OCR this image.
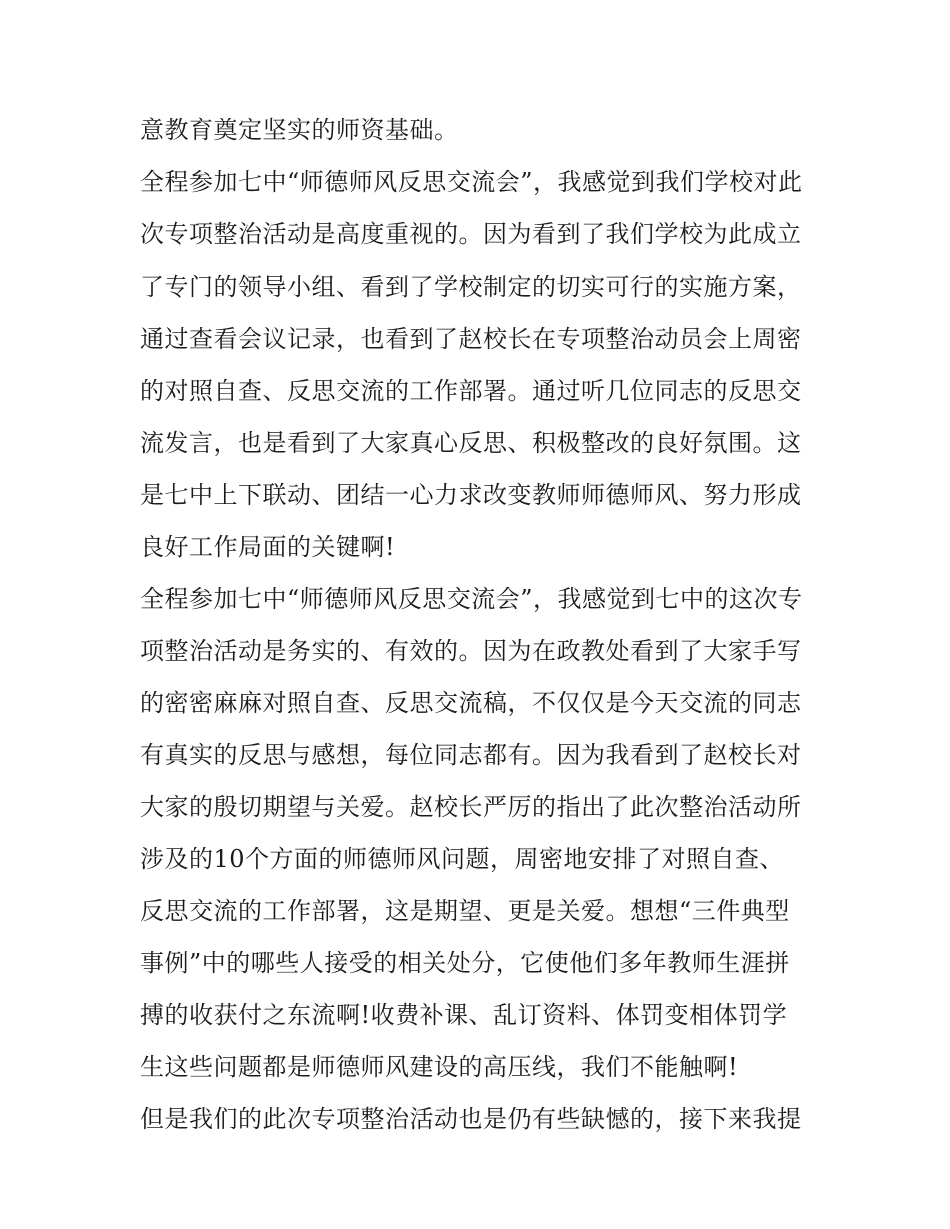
意教育奠定坚实的师资基础。
全程参加七中“师德师风反思交流会”，我感觉到我们学校对此
次专项整治活动是高度重视的。因为看到了我们学校为此成立
了专门的领导小组、看到了学校制定的切实可行的实施方案，
通过查看会议记录，也看到了赵校长在专项整治动员会上周密
的对照自查、反思交流的工作部署。通过听几位同志的反思交
流发言，也是看到了大家真心反思、积极整改的良好氛围。这
是七中上下联动、团结一心力求改变教师师德师风、努力形成
良好工作局面的关键啊!
全程参加七中“师德师风反思交流会”，我感觉到七中的这次专
项整治活动是务实的、有效的。因为在政教处看到了大家手写
的密密麻麻对照自查、反思交流稿，不仅仅是今天交流的同志
有真实的反思与感想，每位同志都有。因为我看到了赵校长对
大家的殷切期望与关爱。赵校长严厉的指出了此次整治活动所
涉及的10个方面的师德师风问题，周密地安排了对照自查、
反思交流的工作部署，这是期望、更是关爱。想想“三件典型
事例”中的哪些人接受的相关处分，它使他们多年教师生涯拼
搏的收获付之东流啊!收费补课、乱订资料、体罚变相体罚学
生这些问题都是师德师风建设的高压线，我们不能触啊!
但是我们的此次专项整治活动也是仍有些缺憾的，接下来我提
